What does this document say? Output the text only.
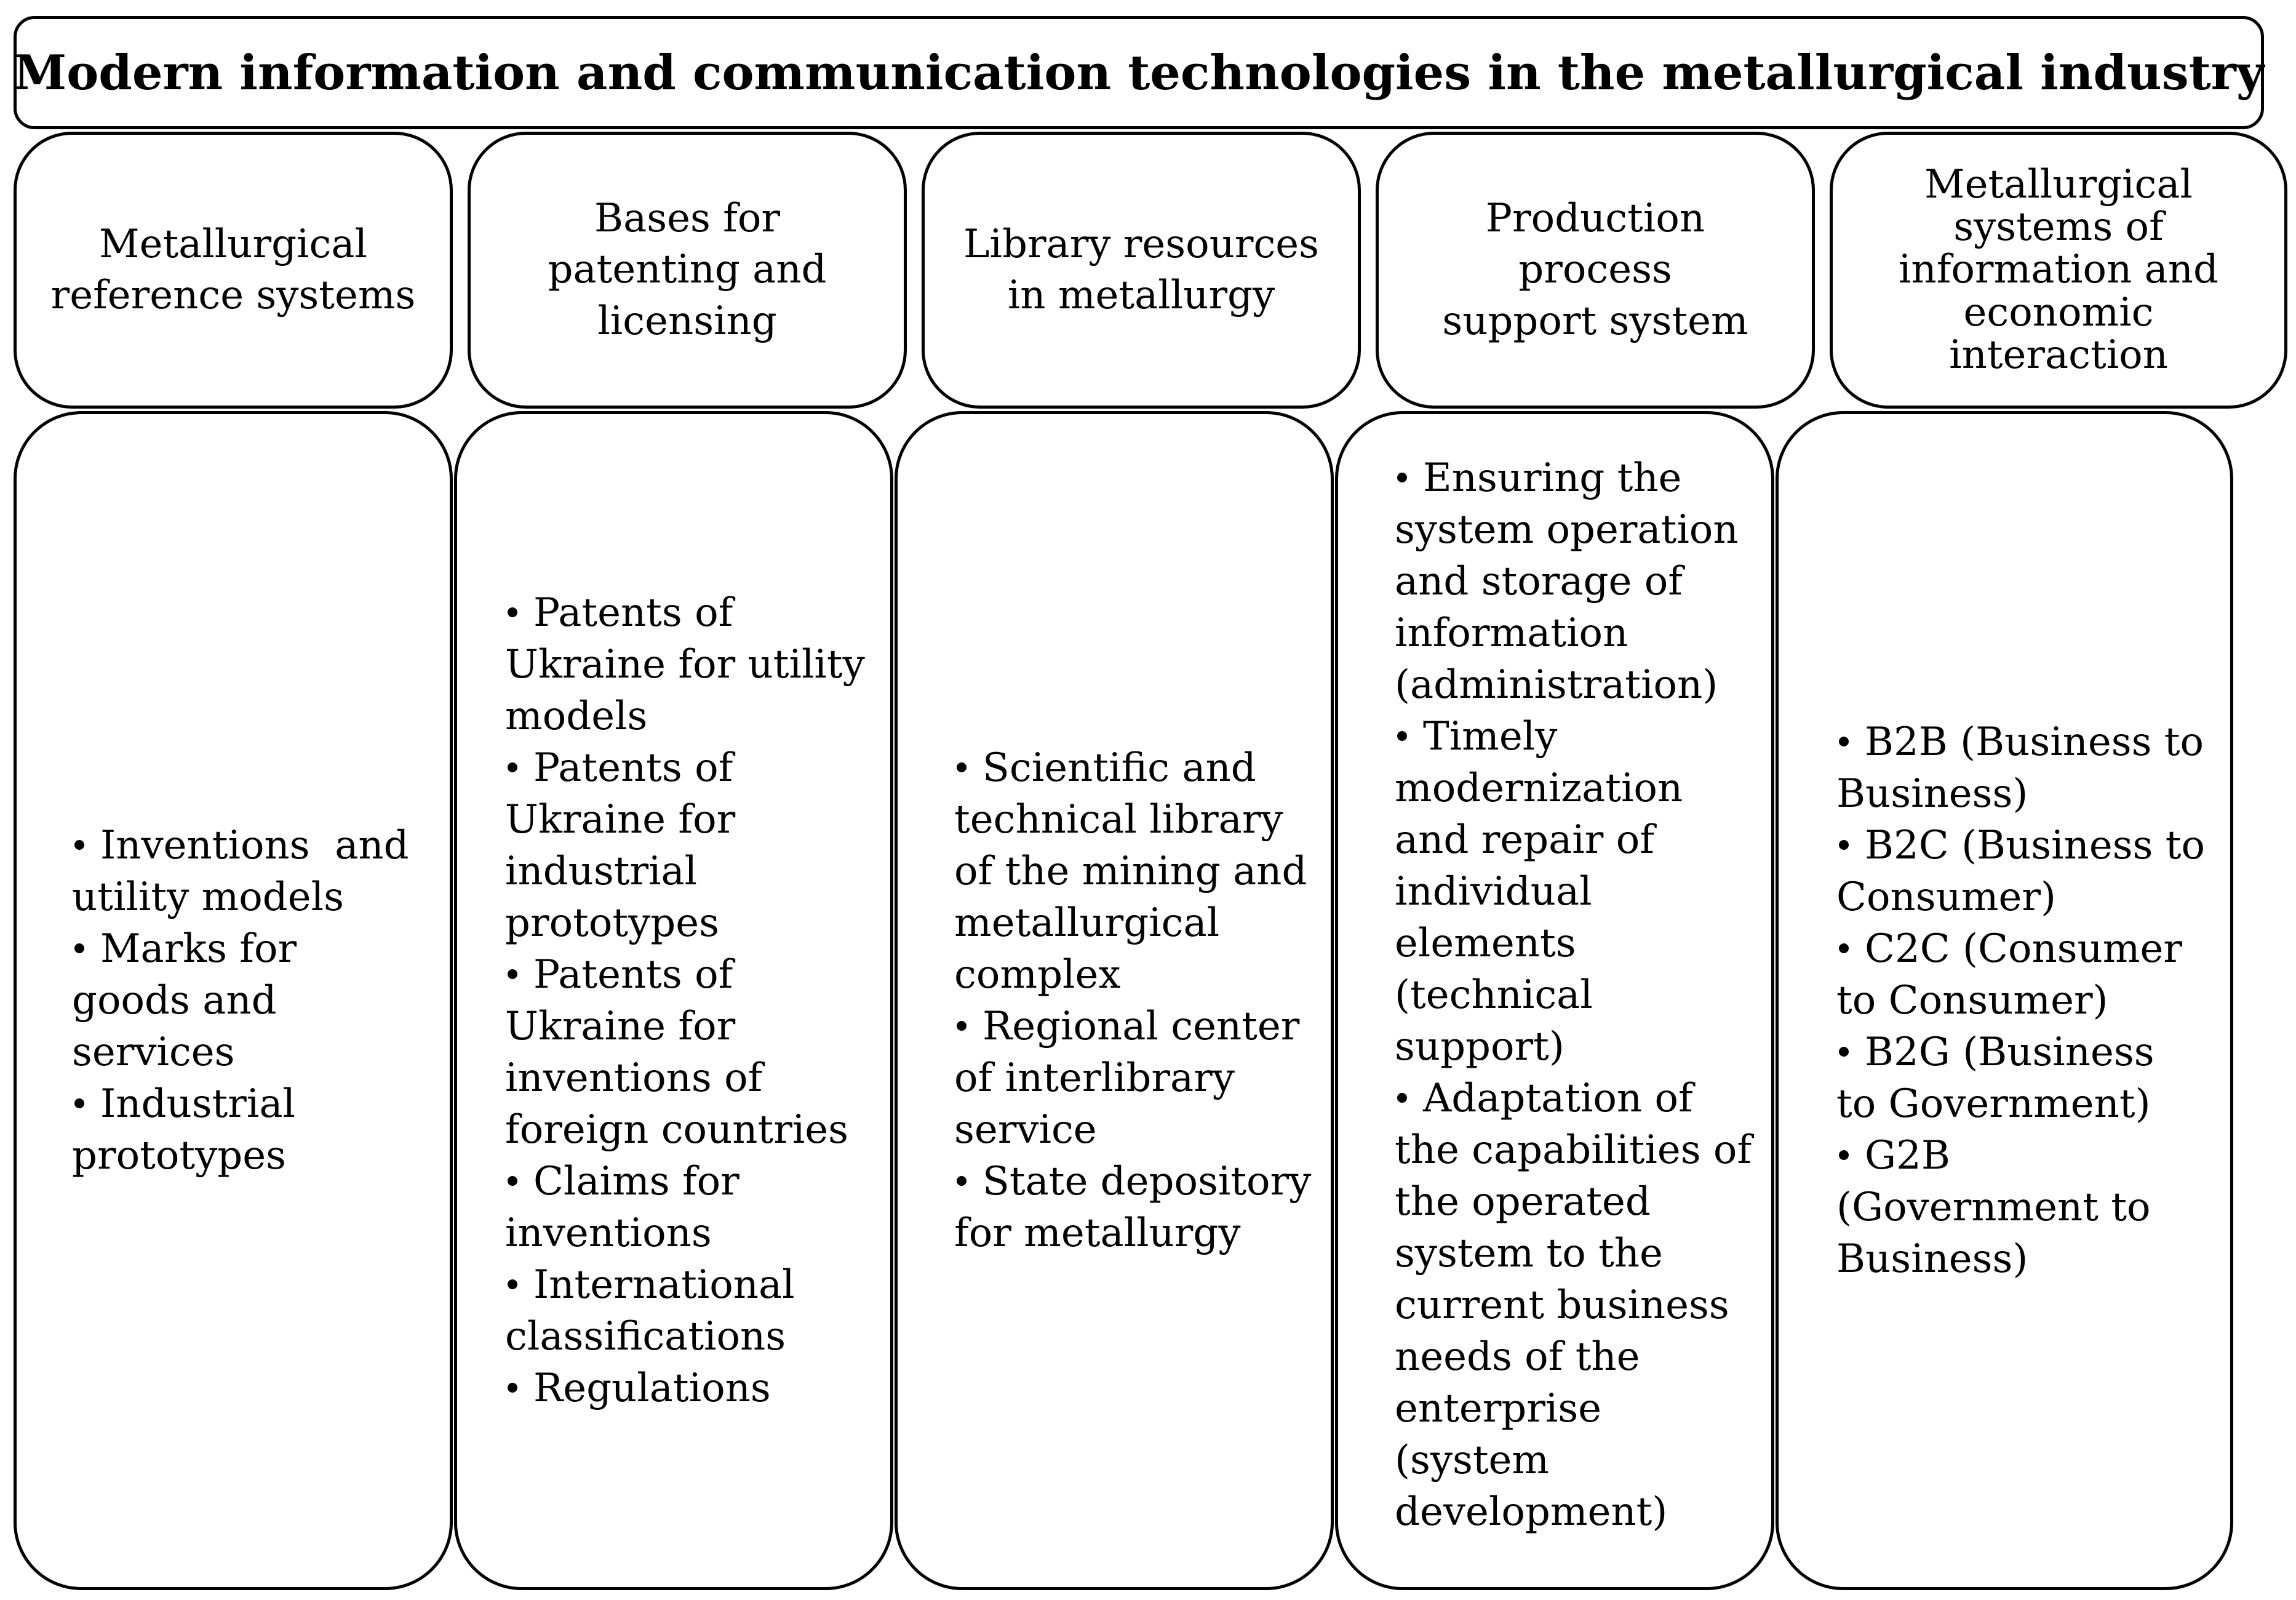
Modern information and communication technologies in the metallurgical industry
Metallurgical reference systems
Bases for patenting and licensing
Library resources in metallurgy
Production process support system
Metallurgical systems of information and economic interaction
Inventions  and utility models
Marks for goods and services
Industrial prototypes
Patents of Ukraine for utility models
Patents of Ukraine for industrial prototypes
Patents of Ukraine for inventions of foreign countries
Claims for inventions
International classifications
Regulations
Scientific and technical library of the mining and metallurgical complex
Regional center of interlibrary service
State depository for metallurgy
Ensuring the system operation and storage of information (administration)
Timely modernization and repair of individual elements (technical support)
Adaptation of the capabilities of the operated system to the current business needs of the enterprise (system development)
B2B (Business to Business)
B2C (Business to Consumer)
C2C (Consumer to Consumer)
B2G (Business to Government)
G2B (Government to Business)
